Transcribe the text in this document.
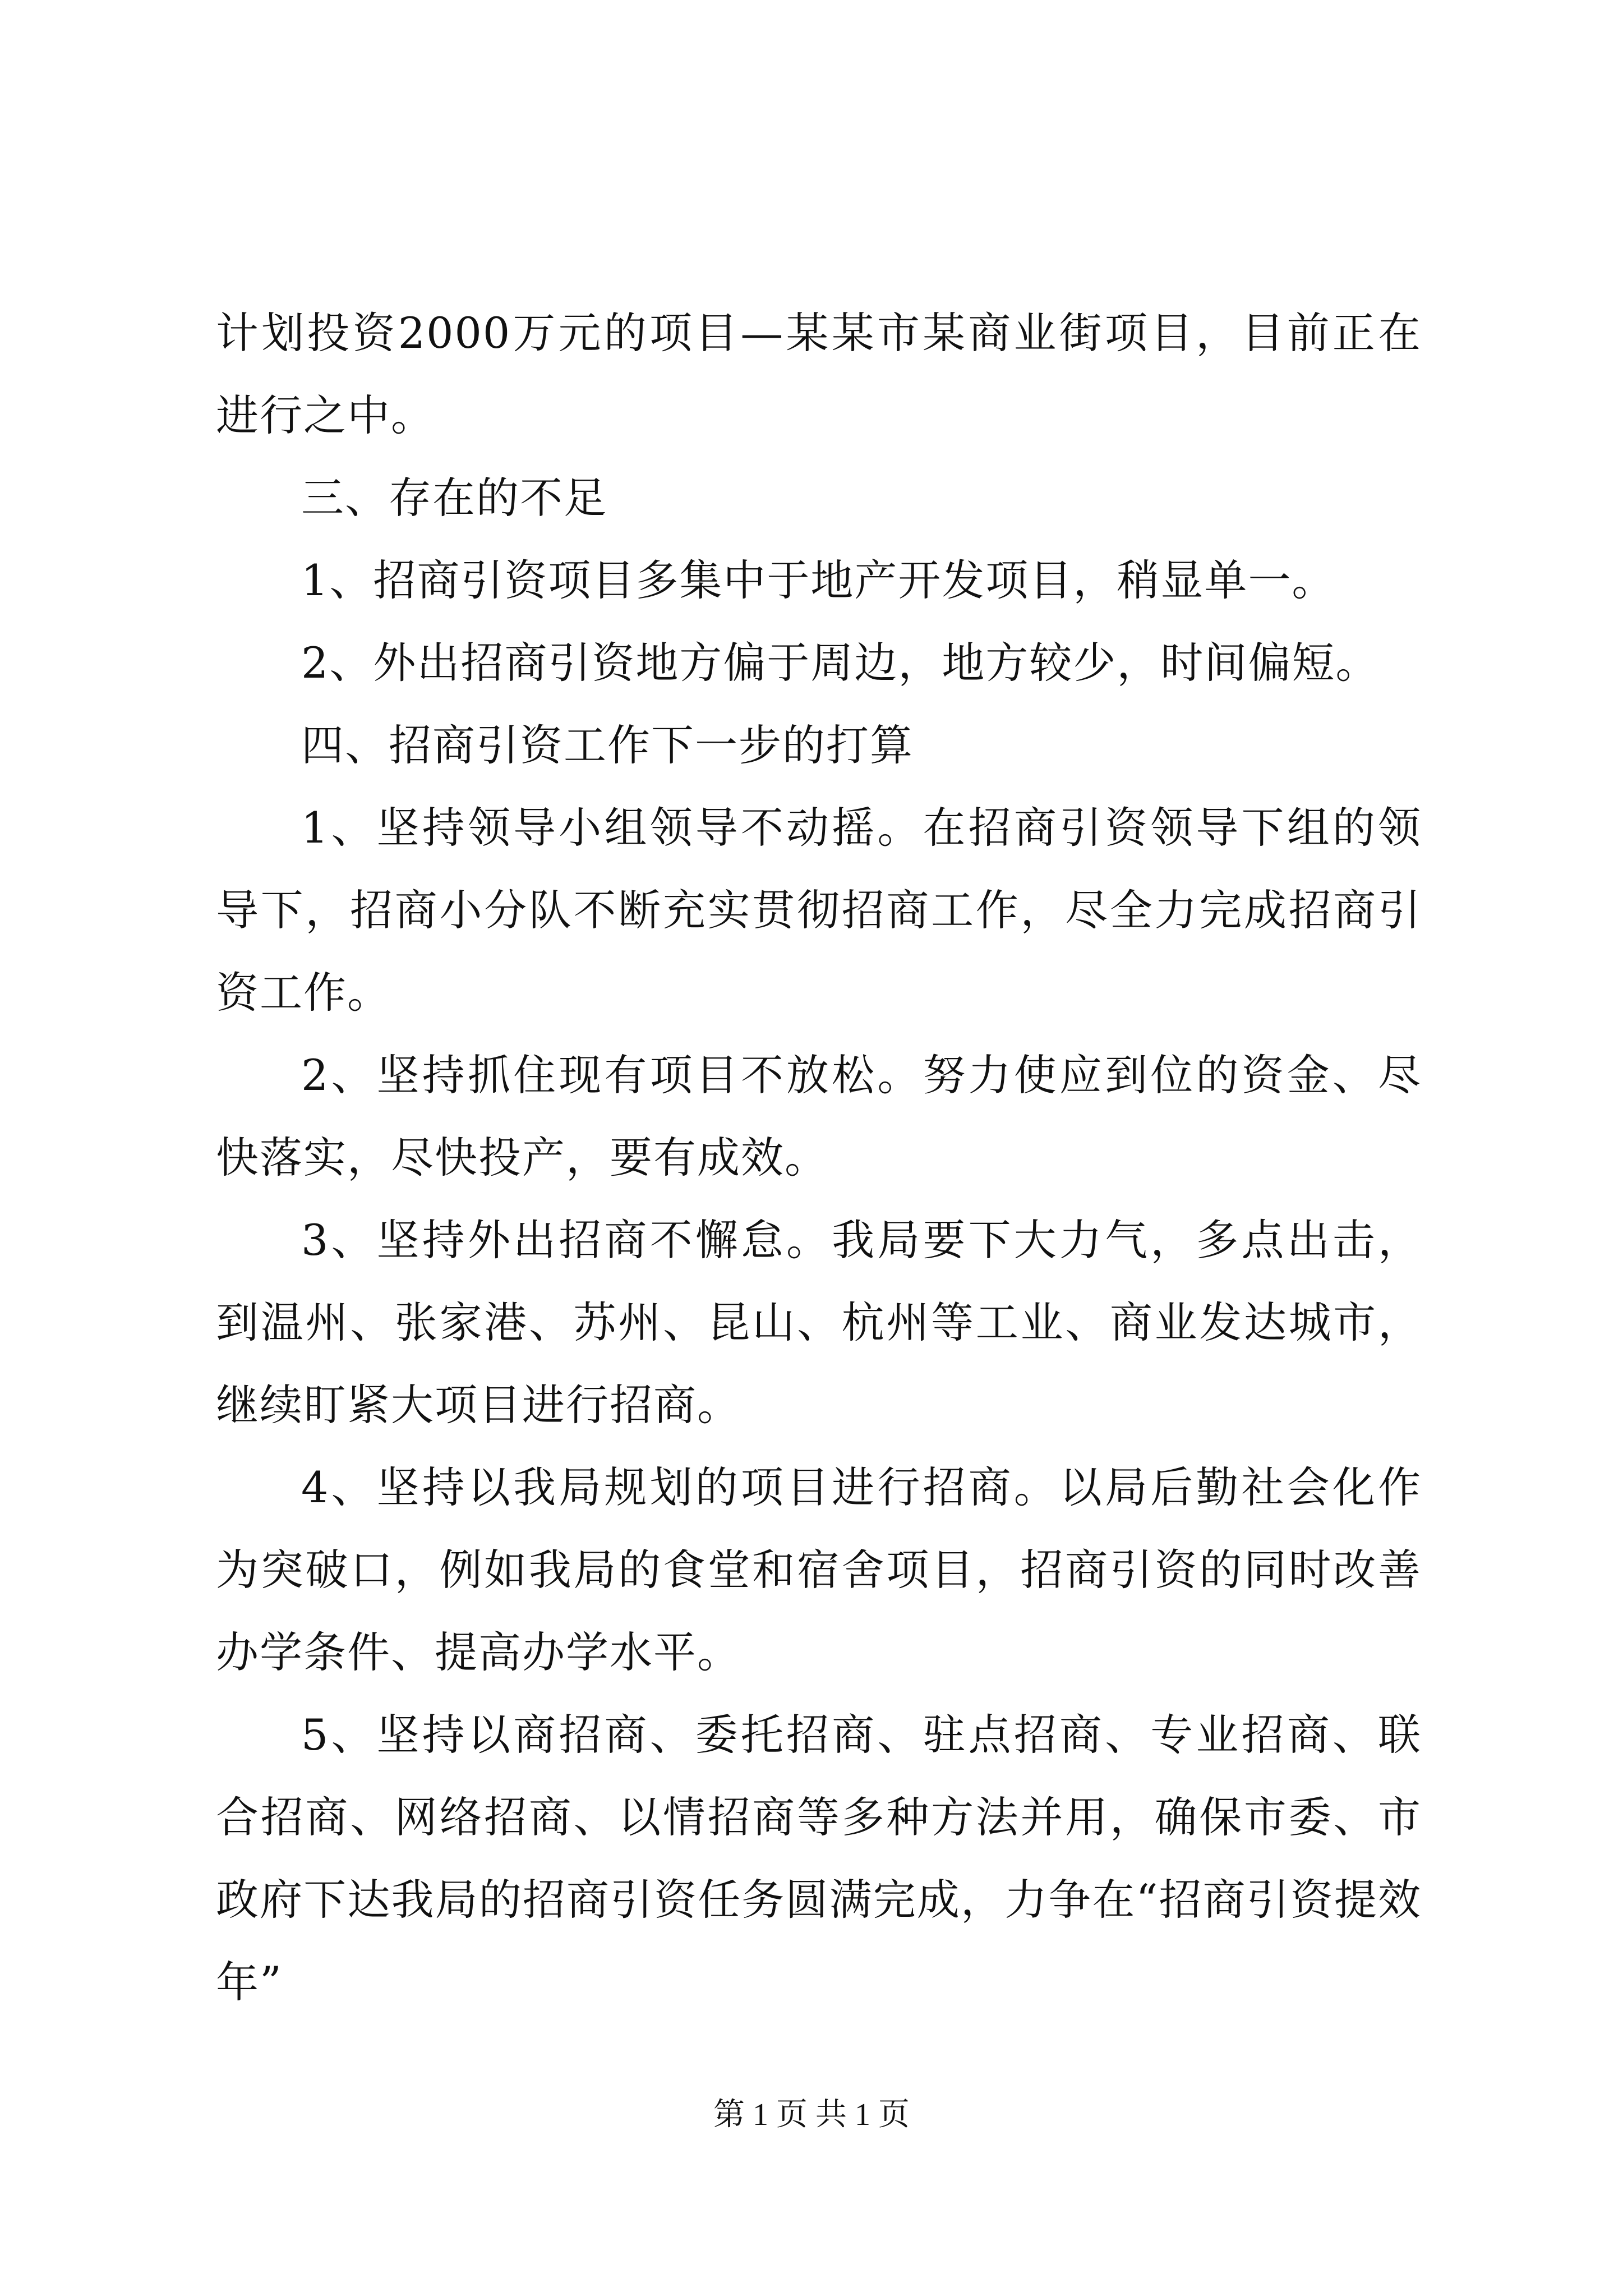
计划投资2000万元的项目—某某市某商业街项目，目前正在进行之中。

三、存在的不足

1、招商引资项目多集中于地产开发项目，稍显单一。

2、外出招商引资地方偏于周边，地方较少，时间偏短。

四、招商引资工作下一步的打算

1、坚持领导小组领导不动摇。在招商引资领导下组的领导下，招商小分队不断充实贯彻招商工作，尽全力完成招商引资工作。

2、坚持抓住现有项目不放松。努力使应到位的资金、尽快落实，尽快投产，要有成效。

3、坚持外出招商不懈怠。我局要下大力气，多点出击，到温州、张家港、苏州、昆山、杭州等工业、商业发达城市，继续盯紧大项目进行招商。

4、坚持以我局规划的项目进行招商。以局后勤社会化作为突破口，例如我局的食堂和宿舍项目，招商引资的同时改善办学条件、提高办学水平。

5、坚持以商招商、委托招商、驻点招商、专业招商、联合招商、网络招商、以情招商等多种方法并用，确保市委、市政府下达我局的招商引资任务圆满完成，力争在“招商引资提效年”

第 1 页 共 1 页
